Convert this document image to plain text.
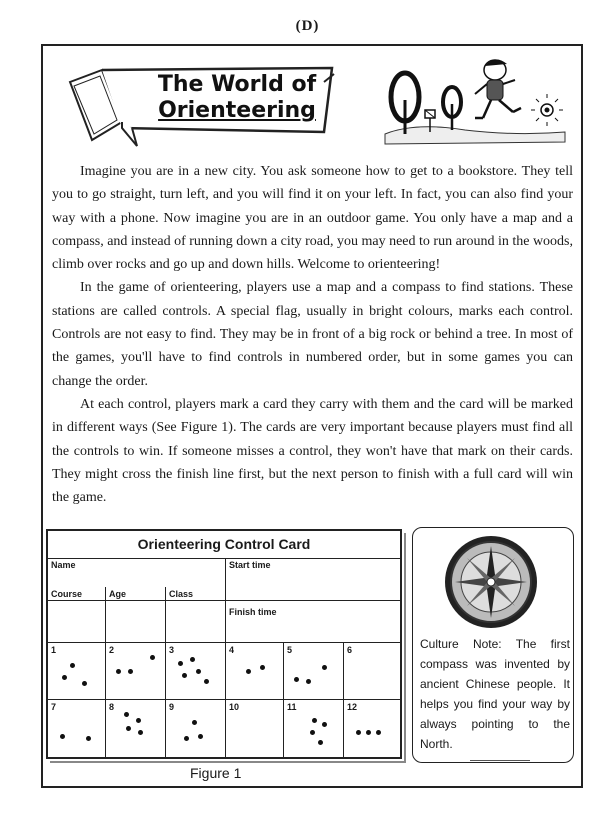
(D)
The World of
Orienteering

Imagine you are in a new city. You ask someone how to get to a bookstore. They tell you to go straight, turn left, and you will find it on your left. In fact, you can also find your way with a phone. Now imagine you are in an outdoor game. You only have a map and a compass, and instead of running down a city road, you may need to run around in the woods, climb over rocks and go up and down hills. Welcome to orienteering!

In the game of orienteering, players use a map and a compass to find stations. These stations are called controls. A special flag, usually in bright colours, marks each control. Controls are not easy to find. They may be in front of a big rock or behind a tree. In most of the games, you'll have to find controls in numbered order, but in some games you can change the order.

At each control, players mark a card they carry with them and the card will be marked in different ways (See Figure 1). The cards are very important because players must find all the controls to win. If someone misses a control, they won't have that mark on their cards. They might cross the finish line first, but the next person to finish with a full card will win the game.

Orienteering Control Card
Name	Start time
Course	Age	Class
Finish time
1	2	3	4	5	6
7	8	9	10	11	12
Figure 1

Culture Note: The first compass was invented by ancient Chinese people. It helps you find your way by always pointing to the North.
